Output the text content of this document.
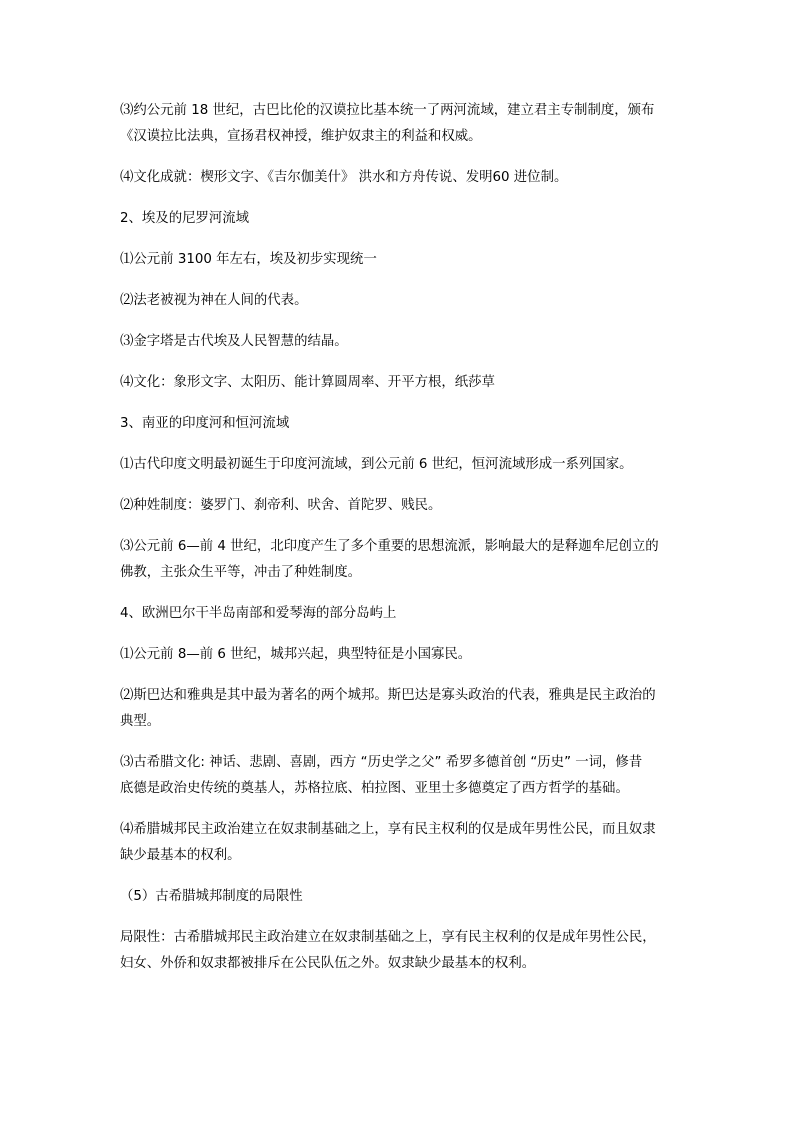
⑶约公元前 18 世纪，古巴比伦的汉谟拉比基本统一了两河流域，建立君主专制制度，颁布
《汉谟拉比法典，宣扬君权神授，维护奴隶主的利益和权威。

⑷文化成就：楔形文字、《吉尔伽美什》 洪水和方舟传说、发明60 进位制。

2、埃及的尼罗河流域

⑴公元前 3100 年左右，埃及初步实现统一

⑵法老被视为神在人间的代表。

⑶金字塔是古代埃及人民智慧的结晶。

⑷文化：象形文字、太阳历、能计算圆周率、开平方根，纸莎草

3、南亚的印度河和恒河流域

⑴古代印度文明最初诞生于印度河流域，到公元前 6 世纪，恒河流域形成一系列国家。

⑵种姓制度：婆罗门、刹帝利、吠舍、首陀罗、贱民。

⑶公元前 6—前 4 世纪，北印度产生了多个重要的思想流派，影响最大的是释迦牟尼创立的
佛教，主张众生平等，冲击了种姓制度。

4、欧洲巴尔干半岛南部和爱琴海的部分岛屿上

⑴公元前 8—前 6 世纪，城邦兴起，典型特征是小国寡民。

⑵斯巴达和雅典是其中最为著名的两个城邦。斯巴达是寡头政治的代表，雅典是民主政治的
典型。

⑶古希腊文化: 神话、悲剧、喜剧，西方 “历史学之父” 希罗多德首创 “历史” 一词，修昔
底德是政治史传统的奠基人，苏格拉底、柏拉图、亚里士多德奠定了西方哲学的基础。

⑷希腊城邦民主政治建立在奴隶制基础之上，享有民主权利的仅是成年男性公民，而且奴隶
缺少最基本的权利。

（5）古希腊城邦制度的局限性

局限性：古希腊城邦民主政治建立在奴隶制基础之上，享有民主权利的仅是成年男性公民，
妇女、外侨和奴隶都被排斥在公民队伍之外。奴隶缺少最基本的权利。
